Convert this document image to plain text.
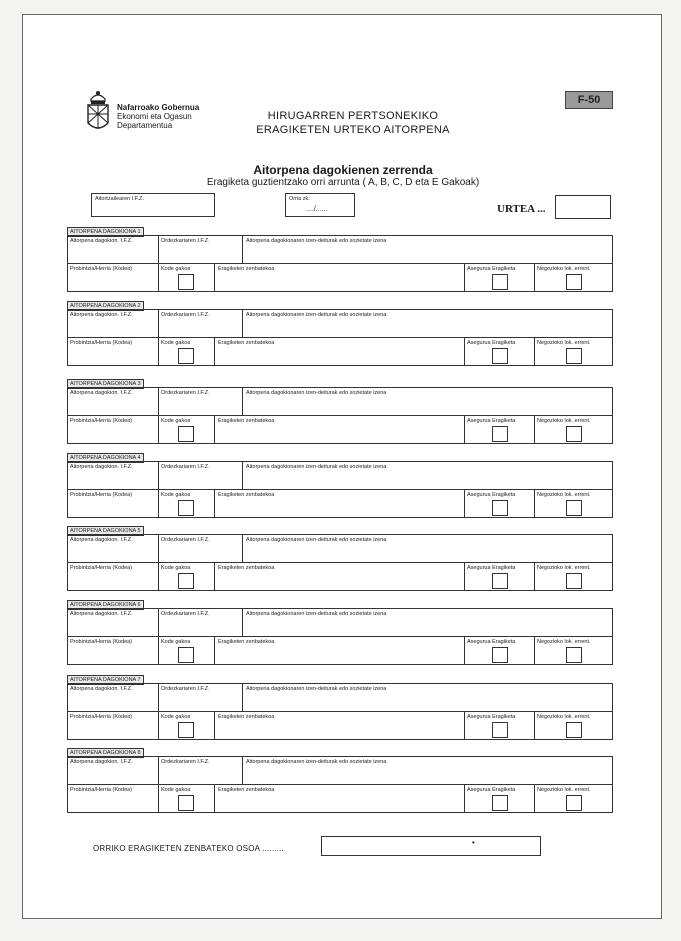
Nafarroako Gobernua
Ekonomi eta Ogasun
Departamentua
HIRUGARREN PERTSONEKIKO
ERAGIKETEN URTEKO AITORPENA
F-50
Aitorpena dagokienen zerrenda
Eragiketa guztientzako orri arrunta ( A, B, C, D eta E Gakoak)
Aitortzailearen I.F.Z.	Orria zk.
..../......	URTEA ...
AITORPENA DAGOKIONA 1
Aitorpena dagokion. I.F.Z.	Ordezkariaren I.F.Z.	Aitorpena dagokionaren izen-deiturak edo sozietate izena
Probintzia/Herria (Kodea)	Kode gakoa	Eragiketen zenbatekoa	Asegurua Eragiketa	Negozioko lok. errent.
AITORPENA DAGOKIONA 2
Aitorpena dagokion. I.F.Z.	Ordezkariaren I.F.Z.	Aitorpena dagokionaren izen-deiturak edo sozietate izena
Probintzia/Herria (Kodea)	Kode gakoa	Eragiketen zenbatekoa	Asegurua Eragiketa	Negozioko lok. errent.
AITORPENA DAGOKIONA 3
Aitorpena dagokion. I.F.Z.	Ordezkariaren I.F.Z.	Aitorpena dagokionaren izen-deiturak edo sozietate izena
Probintzia/Herria (Kodea)	Kode gakoa	Eragiketen zenbatekoa	Asegurua Eragiketa	Negozioko lok. errent.
AITORPENA DAGOKIONA 4
Aitorpena dagokion. I.F.Z.	Ordezkariaren I.F.Z.	Aitorpena dagokionaren izen-deiturak edo sozietate izena
Probintzia/Herria (Kodea)	Kode gakoa	Eragiketen zenbatekoa	Asegurua Eragiketa	Negozioko lok. errent.
AITORPENA DAGOKIONA 5
Aitorpena dagokion. I.F.Z.	Ordezkariaren I.F.Z.	Aitorpena dagokionaren izen-deiturak edo sozietate izena
Probintzia/Herria (Kodea)	Kode gakoa	Eragiketen zenbatekoa	Asegurua Eragiketa	Negozioko lok. errent.
AITORPENA DAGOKIONA 6
Aitorpena dagokion. I.F.Z.	Ordezkariaren I.F.Z.	Aitorpena dagokionaren izen-deiturak edo sozietate izena
Probintzia/Herria (Kodea)	Kode gakoa	Eragiketen zenbatekoa	Asegurua Eragiketa	Negozioko lok. errent.
AITORPENA DAGOKIONA 7
Aitorpena dagokion. I.F.Z.	Ordezkariaren I.F.Z.	Aitorpena dagokionaren izen-deiturak edo sozietate izena
Probintzia/Herria (Kodea)	Kode gakoa	Eragiketen zenbatekoa	Asegurua Eragiketa	Negozioko lok. errent.
AITORPENA DAGOKIONA 8
Aitorpena dagokion. I.F.Z.	Ordezkariaren I.F.Z.	Aitorpena dagokionaren izen-deiturak edo sozietate izena
Probintzia/Herria (Kodea)	Kode gakoa	Eragiketen zenbatekoa	Asegurua Eragiketa	Negozioko lok. errent.
ORRIKO ERAGIKETEN ZENBATEKO OSOA .........
•
